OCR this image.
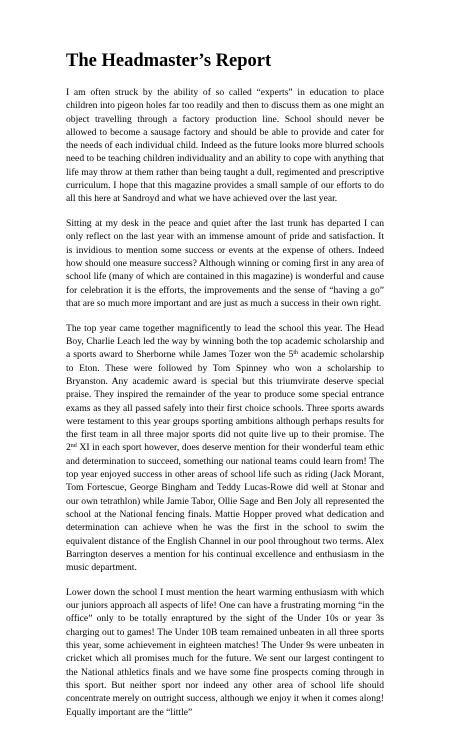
The Headmaster’s Report

I am often struck by the ability of so called “experts” in education to place children into pigeon holes far too readily and then to discuss them as one might an object travelling through a factory production line. School should never be allowed to become a sausage factory and should be able to provide and cater for the needs of each individual child. Indeed as the future looks more blurred schools need to be teaching children individuality and an ability to cope with anything that life may throw at them rather than being taught a dull, regimented and prescriptive curriculum. I hope that this magazine provides a small sample of our efforts to do all this here at Sandroyd and what we have achieved over the last year.

Sitting at my desk in the peace and quiet after the last trunk has departed I can only reflect on the last year with an immense amount of pride and satisfaction. It is invidious to mention some success or events at the expense of others. Indeed how should one measure success? Although winning or coming first in any area of school life (many of which are contained in this magazine) is wonderful and cause for celebration it is the efforts, the improvements and the sense of “having a go” that are so much more important and are just as much a success in their own right.

The top year came together magnificently to lead the school this year. The Head Boy, Charlie Leach led the way by winning both the top academic scholarship and a sports award to Sherborne while James Tozer won the 5th academic scholarship to Eton. These were followed by Tom Spinney who won a scholarship to Bryanston. Any academic award is special but this triumvirate deserve special praise. They inspired the remainder of the year to produce some special entrance exams as they all passed safely into their first choice schools. Three sports awards were testament to this year groups sporting ambitions although perhaps results for the first team in all three major sports did not quite live up to their promise. The 2nd XI in each sport however, does deserve mention for their wonderful team ethic and determination to succeed, something our national teams could learn from! The top year enjoyed success in other areas of school life such as riding (Jack Morant, Tom Fortescue, George Bingham and Teddy Lucas-Rowe did well at Stonar and our own tetrathlon) while Jamie Tabor, Ollie Sage and Ben Joly all represented the school at the National fencing finals. Mattie Hopper proved what dedication and determination can achieve when he was the first in the school to swim the equivalent distance of the English Channel in our pool throughout two terms. Alex Barrington deserves a mention for his continual excellence and enthusiasm in the music department.

Lower down the school I must mention the heart warming enthusiasm with which our juniors approach all aspects of life! One can have a frustrating morning “in the office” only to be totally enraptured by the sight of the Under 10s or year 3s charging out to games! The Under 10B team remained unbeaten in all three sports this year, some achievement in eighteen matches! The Under 9s were unbeaten in cricket which all promises much for the future. We sent our largest contingent to the National athletics finals and we have some fine prospects coming through in this sport. But neither sport nor indeed any other area of school life should concentrate merely on outright success, although we enjoy it when it comes along! Equally important are the “little”
